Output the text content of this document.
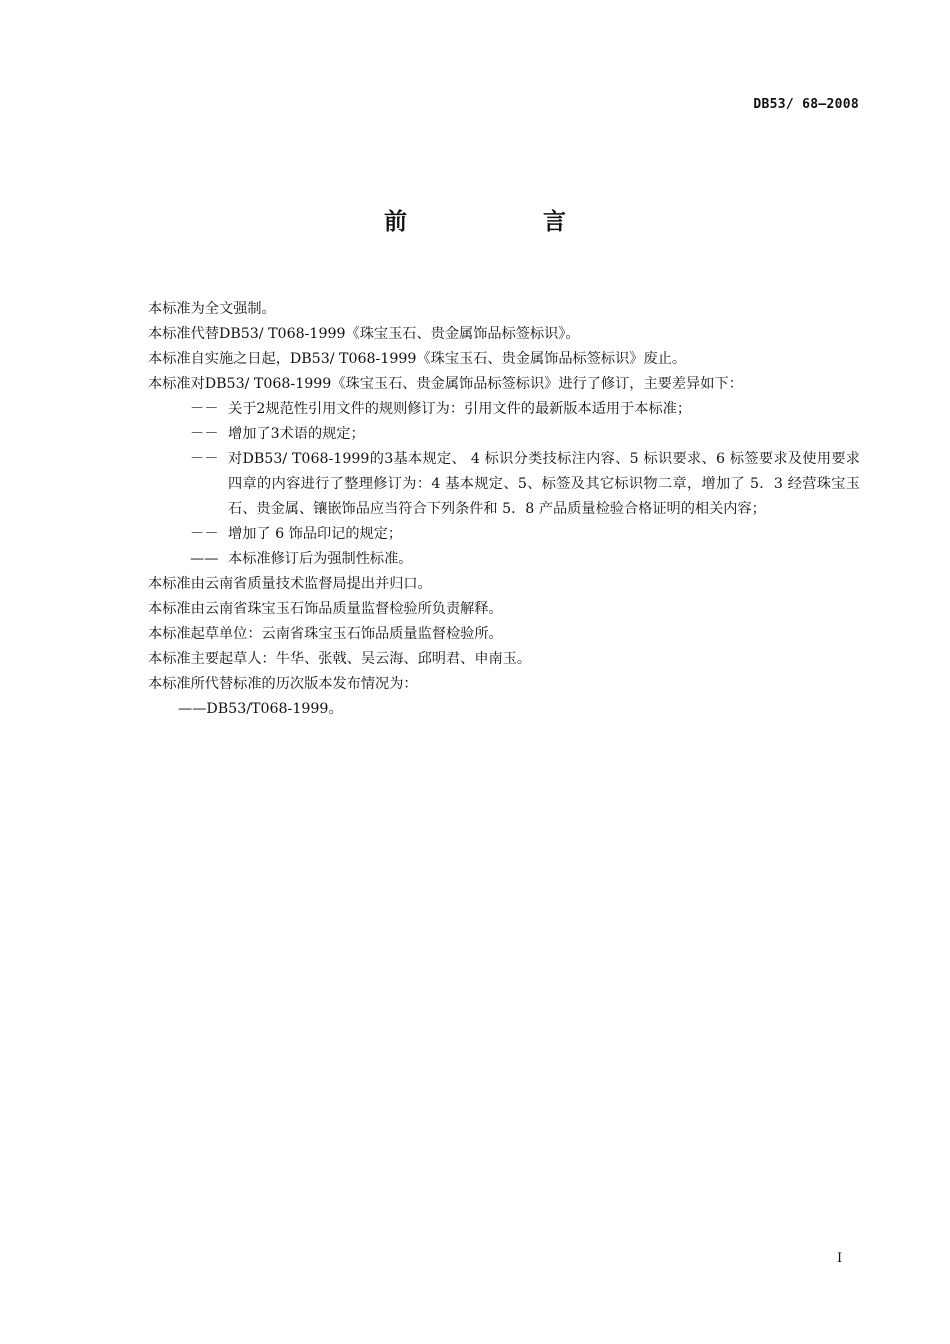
DB53/ 68—2008
前 言

本标准为全文强制。

本标准代替DB53/ T068-1999《珠宝玉石、贵金属饰品标签标识》。

本标准自实施之日起，DB53/ T068-1999《珠宝玉石、贵金属饰品标签标识》废止。

本标准对DB53/ T068-1999《珠宝玉石、贵金属饰品标签标识》进行了修订，主要差异如下：

－－ 关于2规范性引用文件的规则修订为：引用文件的最新版本适用于本标准；

－－ 增加了3术语的规定；

－－ 对DB53/ T068-1999的3基本规定、 4 标识分类技标注内容、5 标识要求、6 标签要求及使用要求四章的内容进行了整理修订为：4 基本规定、5、标签及其它标识物二章，增加了 5．3 经营珠宝玉石、贵金属、镶嵌饰品应当符合下列条件和 5．8 产品质量检验合格证明的相关内容；

－－ 增加了 6 饰品印记的规定；

—— 本标准修订后为强制性标准。

本标准由云南省质量技术监督局提出并归口。

本标准由云南省珠宝玉石饰品质量监督检验所负责解释。

本标准起草单位：云南省珠宝玉石饰品质量监督检验所。

本标准主要起草人：牛华、张戟、吴云海、邱明君、申南玉。

本标准所代替标准的历次版本发布情况为：

——DB53/T068-1999。

I
